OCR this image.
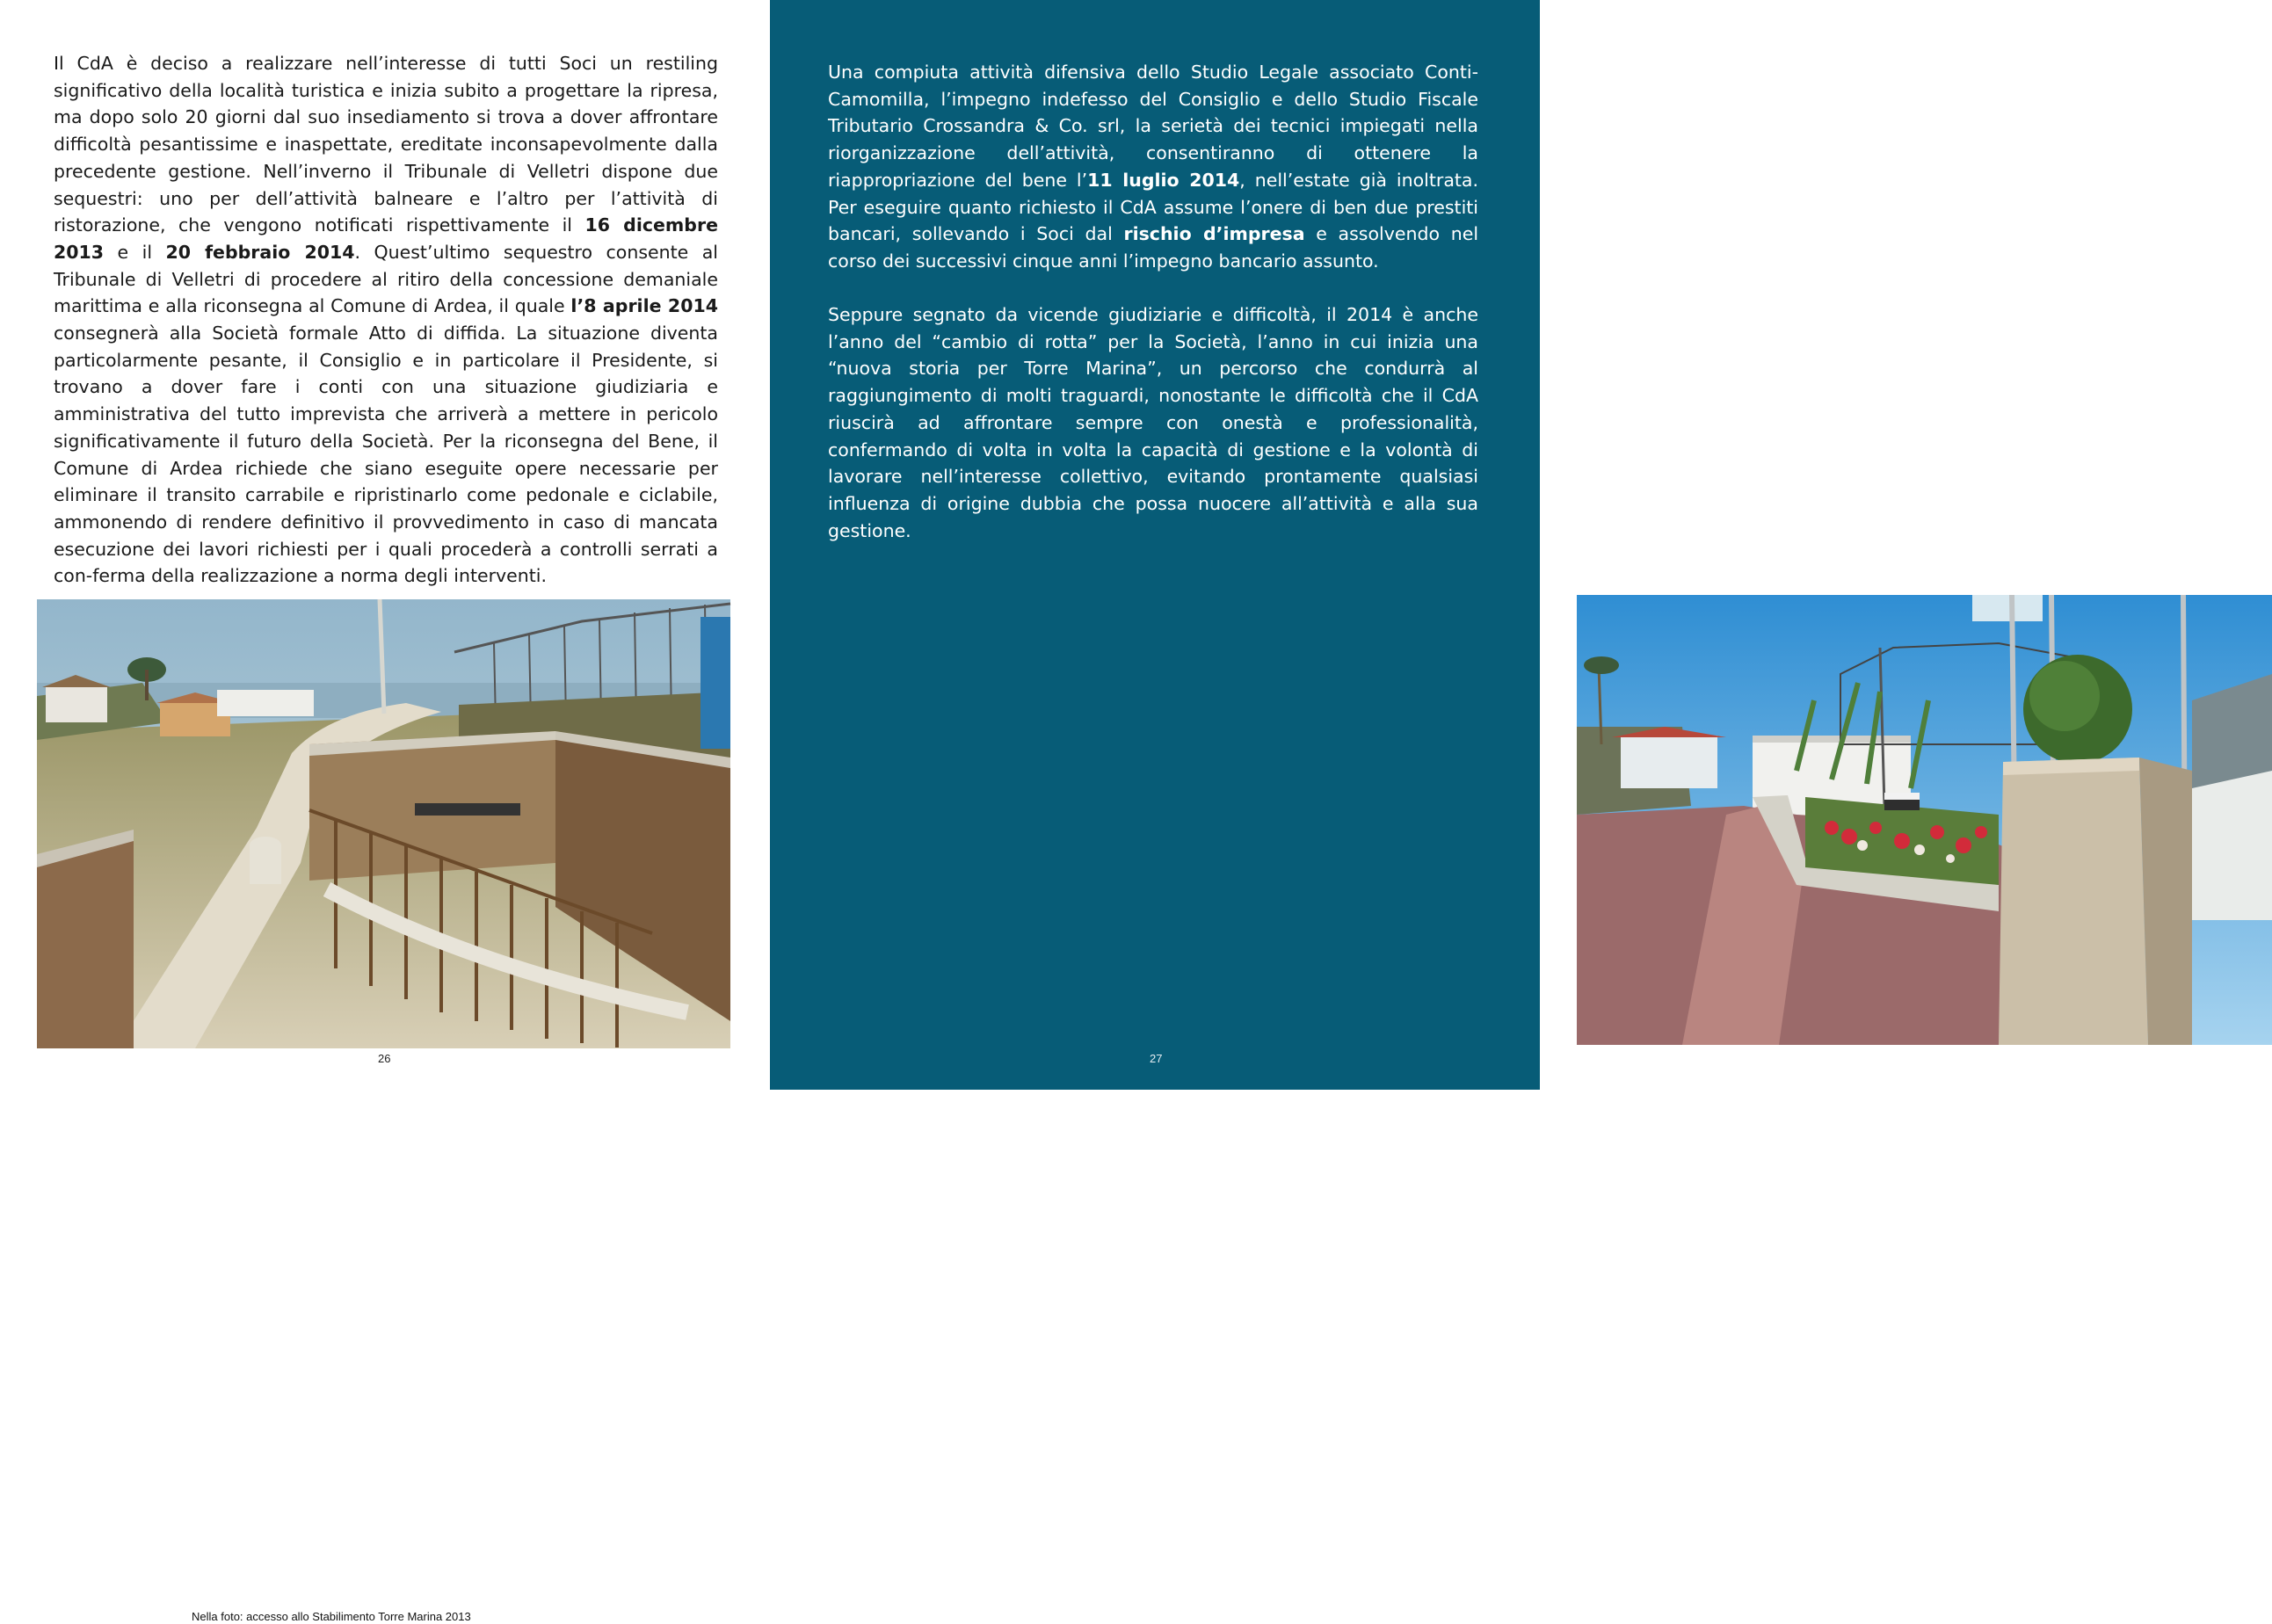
Il CdA è deciso a realizzare nell’interesse di tutti Soci un restiling significativo della località turistica e inizia subito a progettare la ripresa, ma dopo solo 20 giorni dal suo insediamento si trova a dover affrontare difficoltà pesantissime e inaspettate, ereditate inconsapevolmente dalla precedente gestione. Nell’inverno il Tribunale di Velletri dispone due sequestri: uno per dell’attività balneare e l’altro per l’attività di ristorazione, che vengono notificati rispettivamente il 16 dicembre 2013 e il 20 febbraio 2014. Quest’ultimo sequestro consente al Tribunale di Velletri di procedere al ritiro della concessione demaniale marittima e alla riconsegna al Comune di Ardea, il quale l’8 aprile 2014 consegnerà alla Società formale Atto di diffida. La situazione diventa particolarmente pesante, il Consiglio e in particolare il Presidente, si trovano a dover fare i conti con una situazione giudiziaria e amministrativa del tutto imprevista che arriverà a mettere in pericolo significativamente il futuro della Società. Per la riconsegna del Bene, il Comune di Ardea richiede che siano eseguite opere necessarie per eliminare il transito carrabile e ripristinarlo come pedonale e ciclabile, ammonendo di rendere definitivo il provvedimento in caso di mancata esecuzione dei lavori richiesti per i quali procederà a controlli serrati a con-ferma della realizzazione a norma degli interventi.

Nella foto: accesso allo Stabilimento Torre Marina 2013
26

Una compiuta attività difensiva dello Studio Legale associato Conti-Camomilla, l’impegno indefesso del Consiglio e dello Studio Fiscale Tributario Crossandra & Co. srl, la serietà dei tecnici impiegati nella riorganizzazione dell’attività, consentiranno di ottenere la riappropriazione del bene l’11 luglio 2014, nell’estate già inoltrata. Per eseguire quanto richiesto il CdA assume l’onere di ben due prestiti bancari, sollevando i Soci dal rischio d’impresa e assolvendo nel corso dei successivi cinque anni l’impegno bancario assunto.

Seppure segnato da vicende giudiziarie e difficoltà, il 2014 è anche l’anno del “cambio di rotta” per la Società, l’anno in cui inizia una “nuova storia per Torre Marina”, un percorso che condurrà al raggiungimento di molti traguardi, nonostante le difficoltà che il CdA riuscirà ad affrontare sempre con onestà e professionalità, confermando di volta in volta la capacità di gestione e la volontà di lavorare nell’interesse collettivo, evitando prontamente qualsiasi influenza di origine dubbia che possa nuocere all’attività e alla sua gestione.

Nella foto: accesso allo stabilimento Torre Marin 2015
27
